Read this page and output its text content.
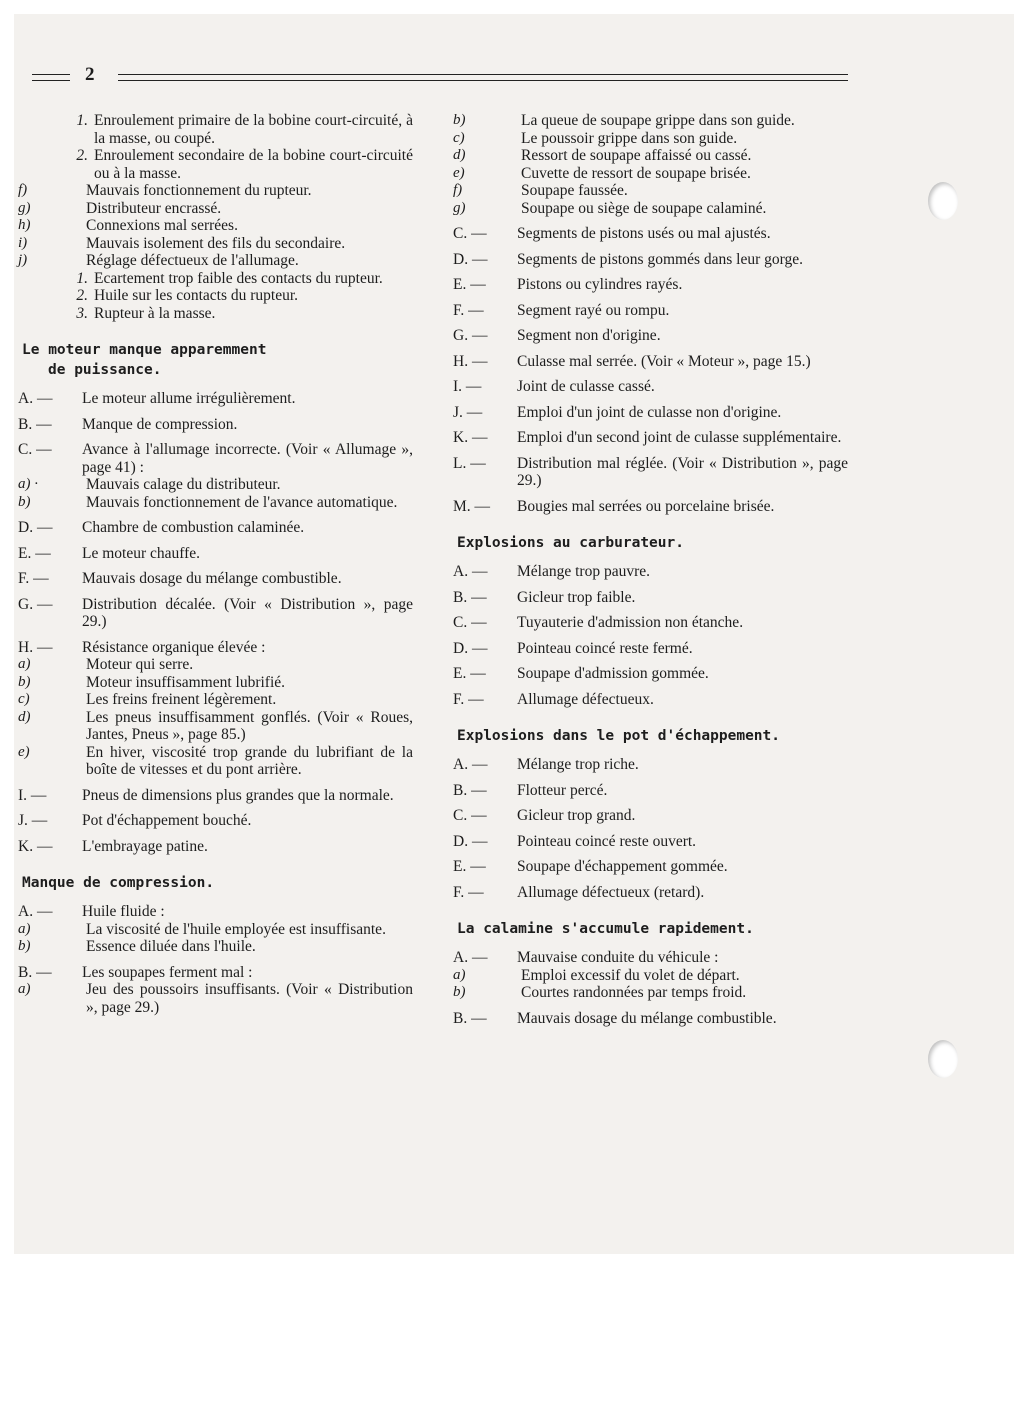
2
1. Enroulement primaire de la bobine court-circuité, à la masse, ou coupé.
2. Enroulement secondaire de la bobine court-circuité ou à la masse.
f)	Mauvais fonctionnement du rupteur.
g)	Distributeur encrassé.
h)	Connexions mal serrées.
i)	Mauvais isolement des fils du secondaire.
j)	Réglage défectueux de l'allumage.
1. Ecartement trop faible des contacts du rupteur.
2. Huile sur les contacts du rupteur.
3. Rupteur à la masse.
Le moteur manque apparemment
de puissance.
A. —	Le moteur allume irrégulièrement.
B. —	Manque de compression.
C. —	Avance à l'allumage incorrecte. (Voir « Allumage », page 41) :
a) ·	Mauvais calage du distributeur.
b)	Mauvais fonctionnement de l'avance automatique.
D. —	Chambre de combustion calaminée.
E. —	Le moteur chauffe.
F. —	Mauvais dosage du mélange combustible.
G. —	Distribution décalée. (Voir « Distribution », page 29.)
H. —	Résistance organique élevée :
a)	Moteur qui serre.
b)	Moteur insuffisamment lubrifié.
c)	Les freins freinent légèrement.
d)	Les pneus insuffisamment gonflés. (Voir « Roues, Jantes, Pneus », page 85.)
e)	En hiver, viscosité trop grande du lubrifiant de la boîte de vitesses et du pont arrière.
I. —	Pneus de dimensions plus grandes que la normale.
J. —	Pot d'échappement bouché.
K. —	L'embrayage patine.
Manque de compression.
A. —	Huile fluide :
a)	La viscosité de l'huile employée est insuffisante.
b)	Essence diluée dans l'huile.
B. —	Les soupapes ferment mal :
a)	Jeu des poussoirs insuffisants. (Voir « Distribution », page 29.)
b)	La queue de soupape grippe dans son guide.
c)	Le poussoir grippe dans son guide.
d)	Ressort de soupape affaissé ou cassé.
e)	Cuvette de ressort de soupape brisée.
f)	Soupape faussée.
g)	Soupape ou siège de soupape calaminé.
C. —	Segments de pistons usés ou mal ajustés.
D. —	Segments de pistons gommés dans leur gorge.
E. —	Pistons ou cylindres rayés.
F. —	Segment rayé ou rompu.
G. —	Segment non d'origine.
H. —	Culasse mal serrée. (Voir « Moteur », page 15.)
I. —	Joint de culasse cassé.
J. —	Emploi d'un joint de culasse non d'origine.
K. —	Emploi d'un second joint de culasse supplémentaire.
L. —	Distribution mal réglée. (Voir « Distribution », page 29.)
M. —	Bougies mal serrées ou porcelaine brisée.
Explosions au carburateur.
A. —	Mélange trop pauvre.
B. —	Gicleur trop faible.
C. —	Tuyauterie d'admission non étanche.
D. —	Pointeau coincé reste fermé.
E. —	Soupape d'admission gommée.
F. —	Allumage défectueux.
Explosions dans le pot d'échappement.
A. —	Mélange trop riche.
B. —	Flotteur percé.
C. —	Gicleur trop grand.
D. —	Pointeau coincé reste ouvert.
E. —	Soupape d'échappement gommée.
F. —	Allumage défectueux (retard).
La calamine s'accumule rapidement.
A. —	Mauvaise conduite du véhicule :
a)	Emploi excessif du volet de départ.
b)	Courtes randonnées par temps froid.
B. —	Mauvais dosage du mélange combustible.
